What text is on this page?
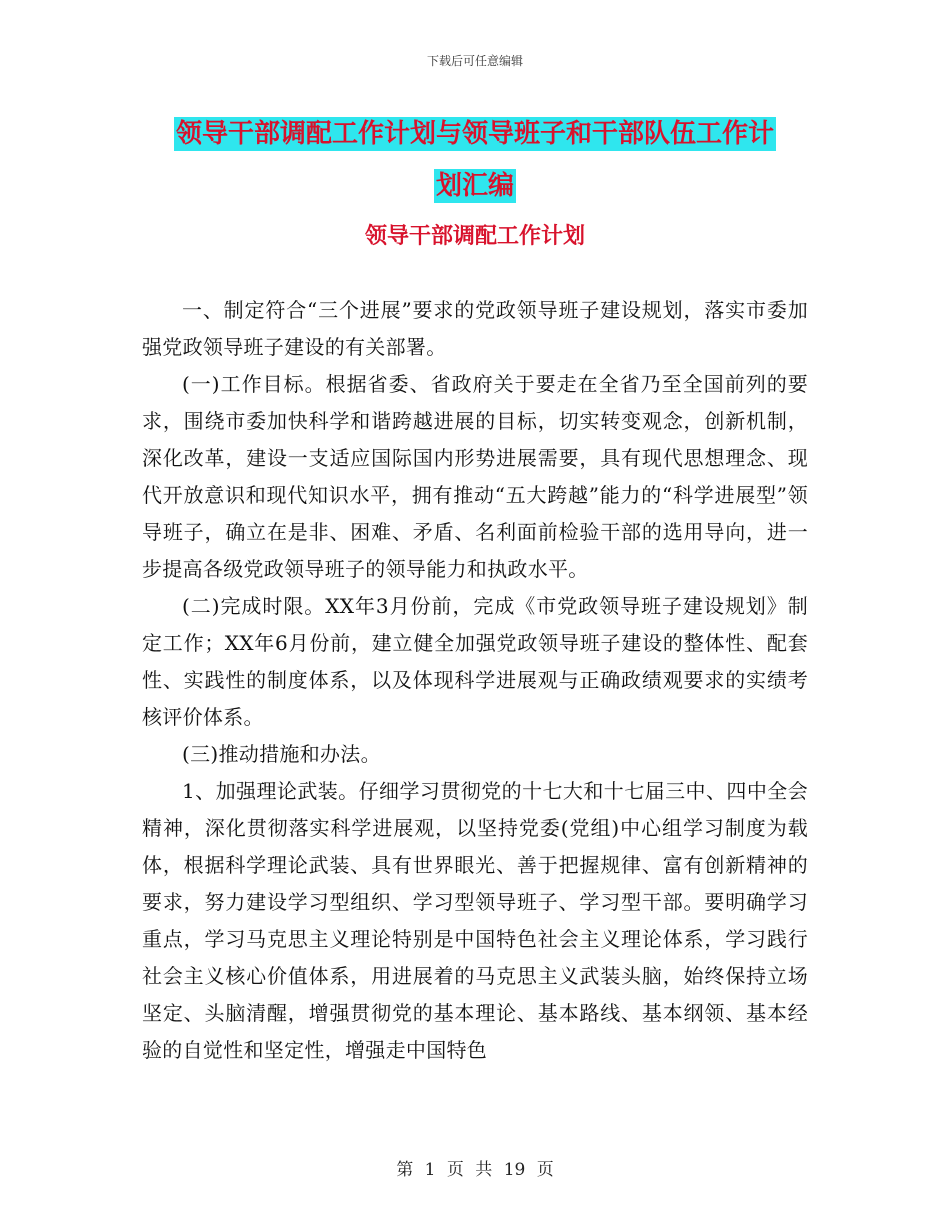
下载后可任意编辑
领导干部调配工作计划与领导班子和干部队伍工作计
划汇编
领导干部调配工作计划

一、制定符合“三个进展”要求的党政领导班子建设规划，落实市委加强党政领导班子建设的有关部署。

(一)工作目标。根据省委、省政府关于要走在全省乃至全国前列的要求，围绕市委加快科学和谐跨越进展的目标，切实转变观念，创新机制，深化改革，建设一支适应国际国内形势进展需要，具有现代思想理念、现代开放意识和现代知识水平，拥有推动“五大跨越”能力的“科学进展型”领导班子，确立在是非、困难、矛盾、名利面前检验干部的选用导向，进一步提高各级党政领导班子的领导能力和执政水平。

(二)完成时限。XX年3月份前，完成《市党政领导班子建设规划》制定工作；XX年6月份前，建立健全加强党政领导班子建设的整体性、配套性、实践性的制度体系，以及体现科学进展观与正确政绩观要求的实绩考核评价体系。

(三)推动措施和办法。

1、加强理论武装。仔细学习贯彻党的十七大和十七届三中、四中全会精神，深化贯彻落实科学进展观，以坚持党委(党组)中心组学习制度为载体，根据科学理论武装、具有世界眼光、善于把握规律、富有创新精神的要求，努力建设学习型组织、学习型领导班子、学习型干部。要明确学习重点，学习马克思主义理论特别是中国特色社会主义理论体系，学习践行社会主义核心价值体系，用进展着的马克思主义武装头脑，始终保持立场坚定、头脑清醒，增强贯彻党的基本理论、基本路线、基本纲领、基本经验的自觉性和坚定性，增强走中国特色

第 1 页 共 19 页
